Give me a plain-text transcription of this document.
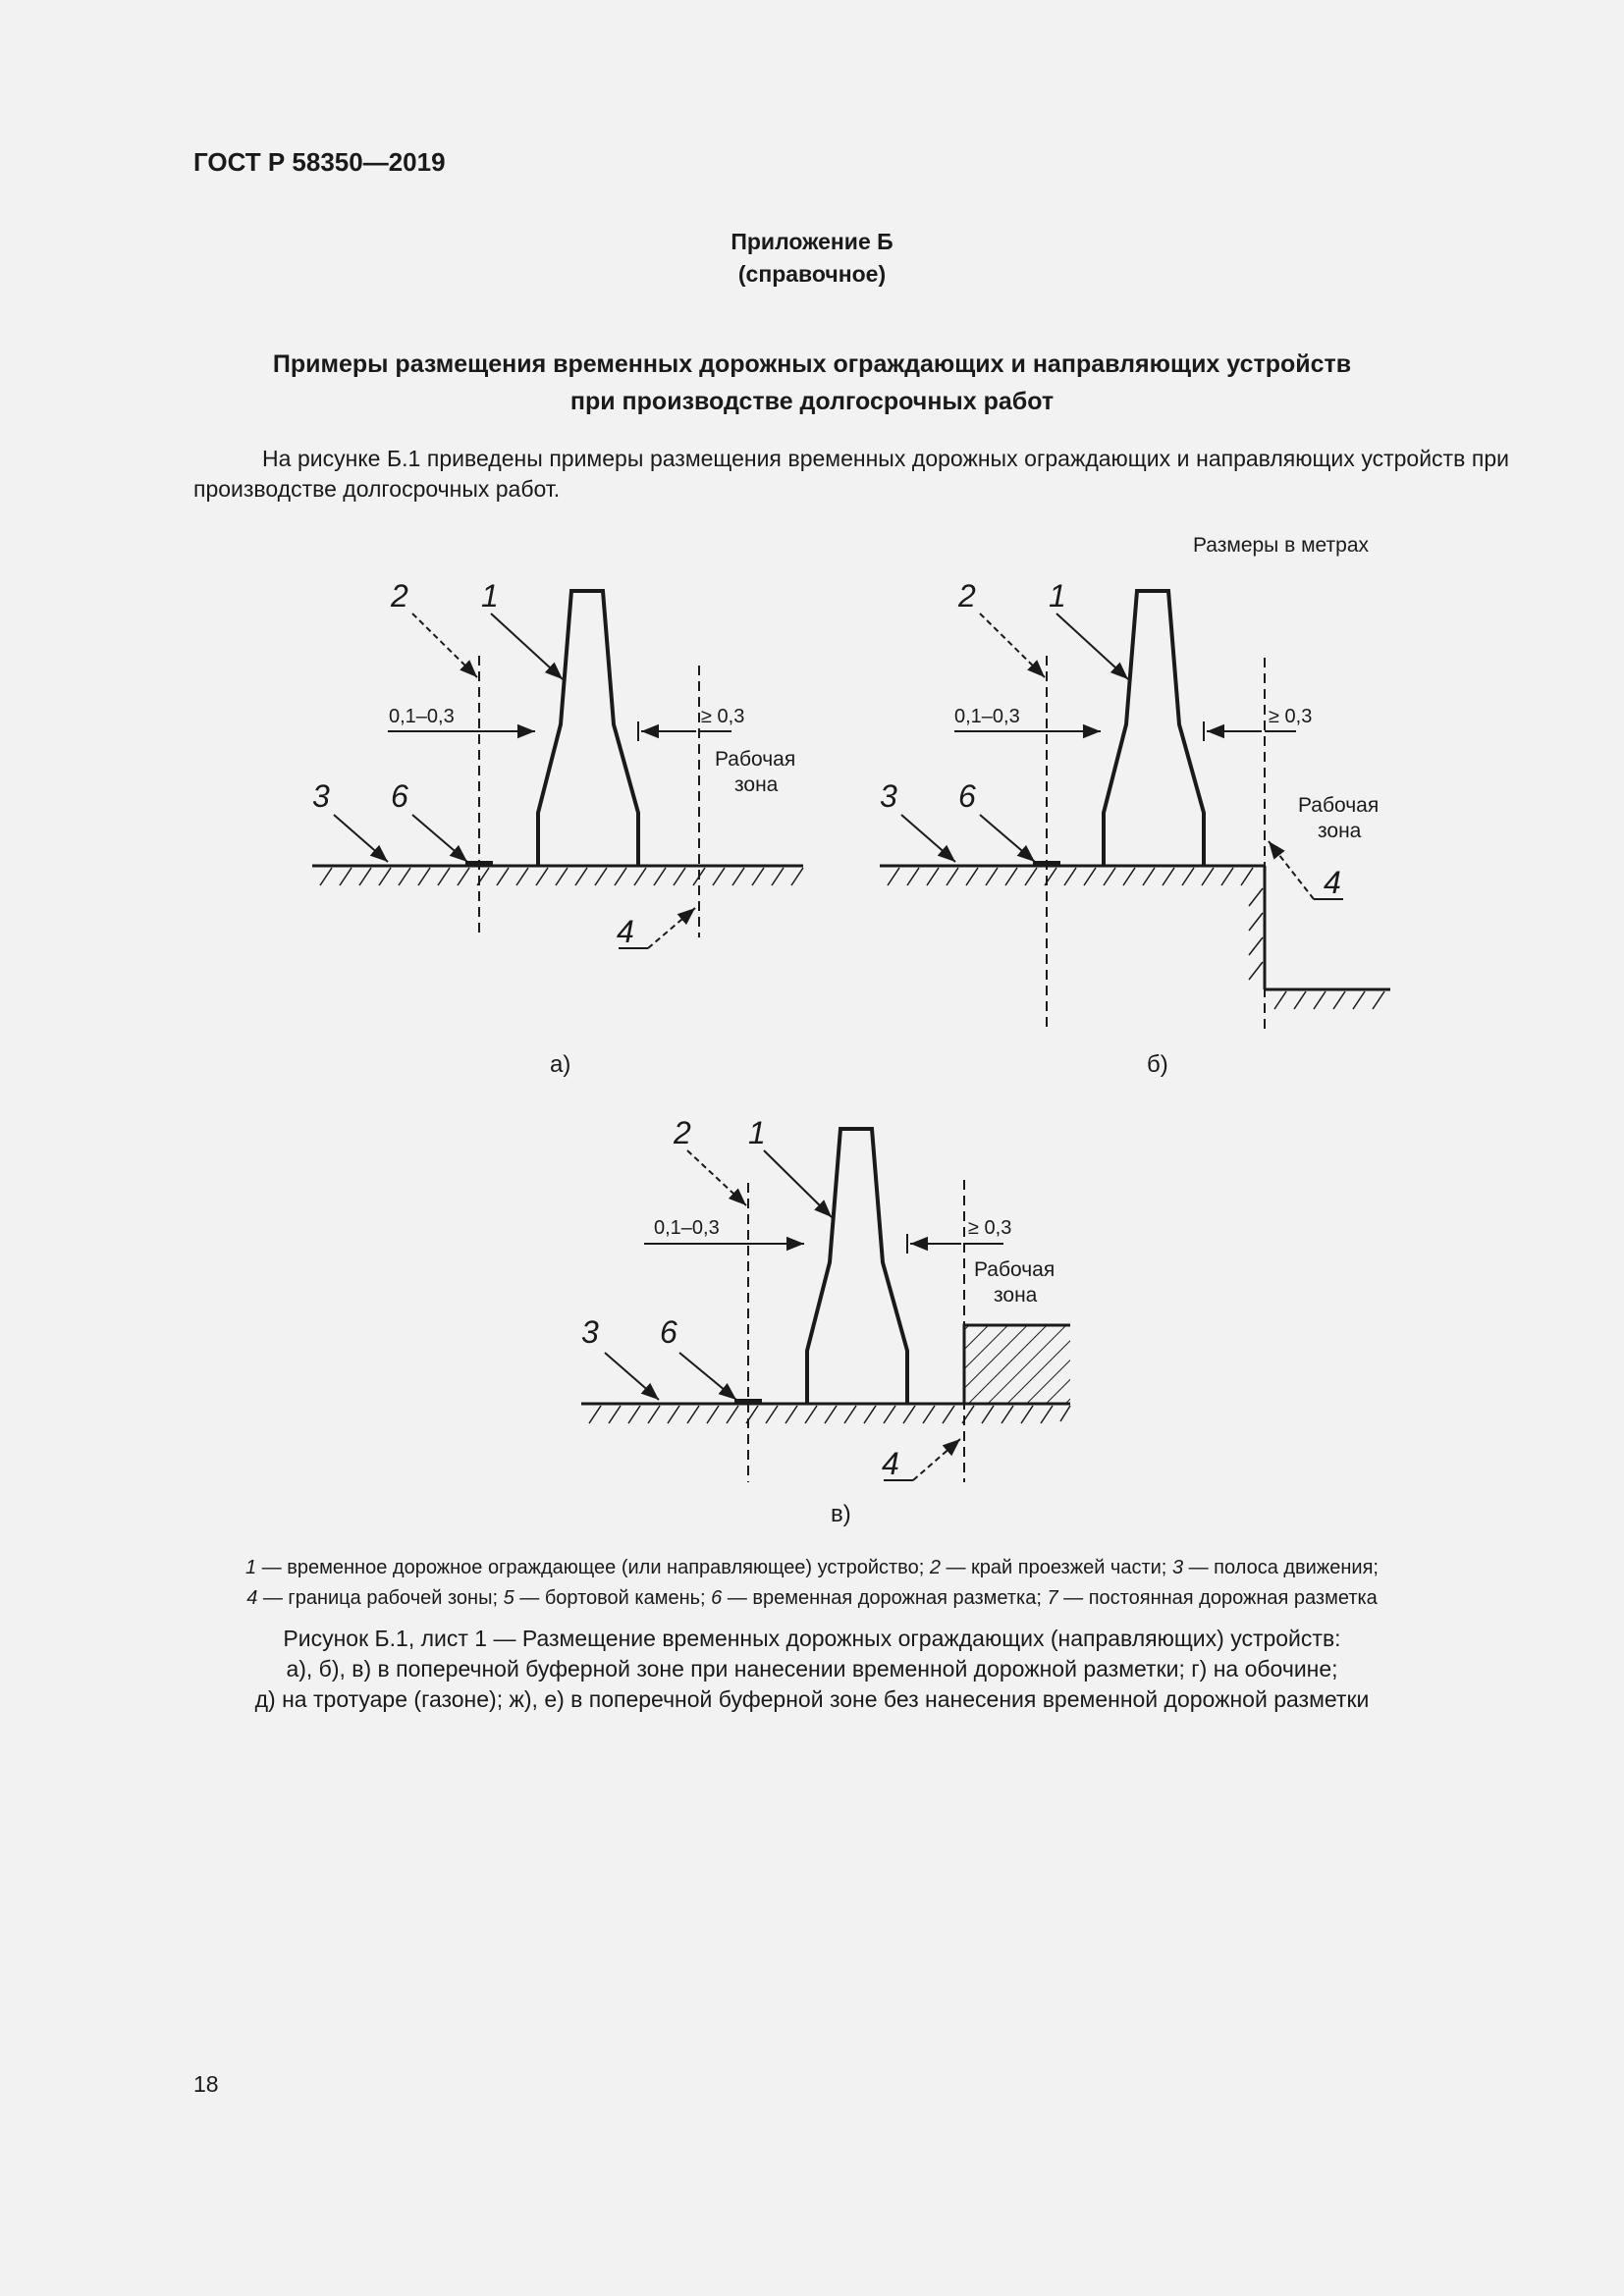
ГОСТ Р 58350—2019
Приложение Б
(справочное)
Примеры размещения временных дорожных ограждающих и направляющих устройств
при производстве долгосрочных работ
На рисунке Б.1 приведены примеры размещения временных дорожных ограждающих и направляющих устройств при производстве долгосрочных работ.
Размеры в метрах
2 1
3 6
4
0,1–0,3	≥ 0,3
Рабочая
зона
а)
2 1
3 6
4
0,1–0,3	≥ 0,3
Рабочая
зона
б)
2 1
3 6
4
0,1–0,3	≥ 0,3
Рабочая
зона
в)
1 — временное дорожное ограждающее (или направляющее) устройство; 2 — край проезжей части; 3 — полоса движения;
4 — граница рабочей зоны; 5 — бортовой камень; 6 — временная дорожная разметка; 7 — постоянная дорожная разметка
Рисунок Б.1, лист 1 — Размещение временных дорожных ограждающих (направляющих) устройств:
а), б), в) в поперечной буферной зоне при нанесении временной дорожной разметки; г) на обочине;
д) на тротуаре (газоне); ж), е) в поперечной буферной зоне без нанесения временной дорожной разметки
18
